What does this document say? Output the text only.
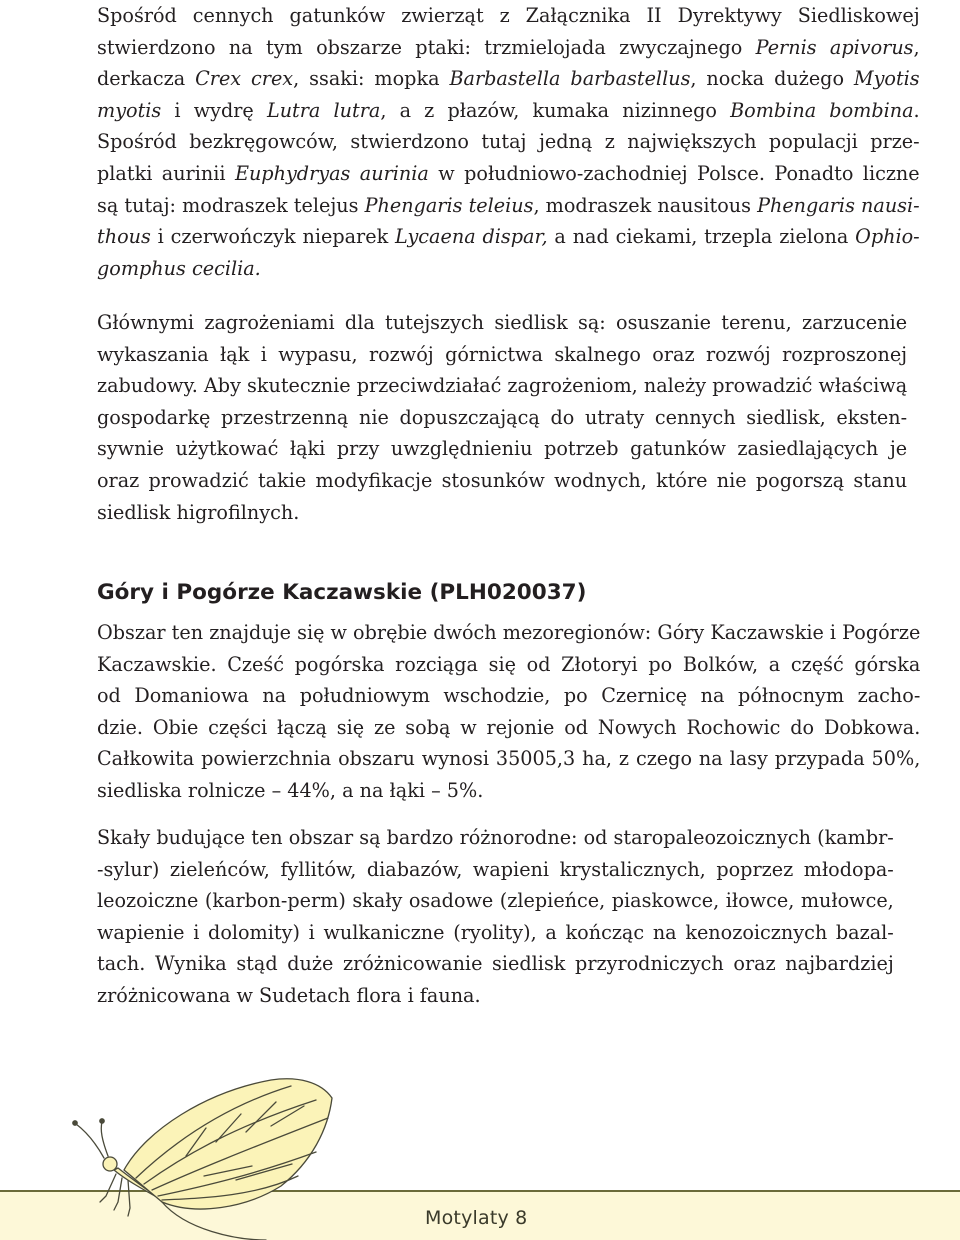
Spośród cennych gatunków zwierząt z Załącznika II Dyrektywy Siedliskowej
stwierdzono na tym obszarze ptaki: trzmielojada zwyczajnego Pernis apivorus,
derkacza Crex crex, ssaki: mopka Barbastella barbastellus, nocka dużego Myotis
myotis i wydrę Lutra lutra, a z płazów, kumaka nizinnego Bombina bombina.
Spośród bezkręgowców, stwierdzono tutaj jedną z największych populacji prze-
platki aurinii Euphydryas aurinia w południowo-zachodniej Polsce. Ponadto liczne
są tutaj: modraszek telejus Phengaris teleius, modraszek nausitous Phengaris nausi-
thous i czerwończyk nieparek Lycaena dispar, a nad ciekami, trzepla zielona Ophio-
gomphus cecilia.
Głównymi zagrożeniami dla tutejszych siedlisk są: osuszanie terenu, zarzucenie
wykaszania łąk i wypasu, rozwój górnictwa skalnego oraz rozwój rozproszonej
zabudowy. Aby skutecznie przeciwdziałać zagrożeniom, należy prowadzić właściwą
gospodarkę przestrzenną nie dopuszczającą do utraty cennych siedlisk, eksten-
sywnie użytkować łąki przy uwzględnieniu potrzeb gatunków zasiedlających je
oraz prowadzić takie modyfikacje stosunków wodnych, które nie pogorszą stanu
siedlisk higrofilnych.
Góry i Pogórze Kaczawskie (PLH020037)
Obszar ten znajduje się w obrębie dwóch mezoregionów: Góry Kaczawskie i Pogórze
Kaczawskie. Cześć pogórska rozciąga się od Złotoryi po Bolków, a część górska
od Domaniowa na południowym wschodzie, po Czernicę na północnym zacho-
dzie. Obie części łączą się ze sobą w rejonie od Nowych Rochowic do Dobkowa.
Całkowita powierzchnia obszaru wynosi 35005,3 ha, z czego na lasy przypada 50%,
siedliska rolnicze – 44%, a na łąki – 5%.
Skały budujące ten obszar są bardzo różnorodne: od staropaleozoicznych (kambr-
-sylur) zieleńców, fyllitów, diabazów, wapieni krystalicznych, poprzez młodopa-
leozoiczne (karbon-perm) skały osadowe (zlepieńce, piaskowce, iłowce, mułowce,
wapienie i dolomity) i wulkaniczne (ryolity), a kończąc na kenozoicznych bazal-
tach. Wynika stąd duże zróżnicowanie siedlisk przyrodniczych oraz najbardziej
zróżnicowana w Sudetach flora i fauna.
Motylaty 8
